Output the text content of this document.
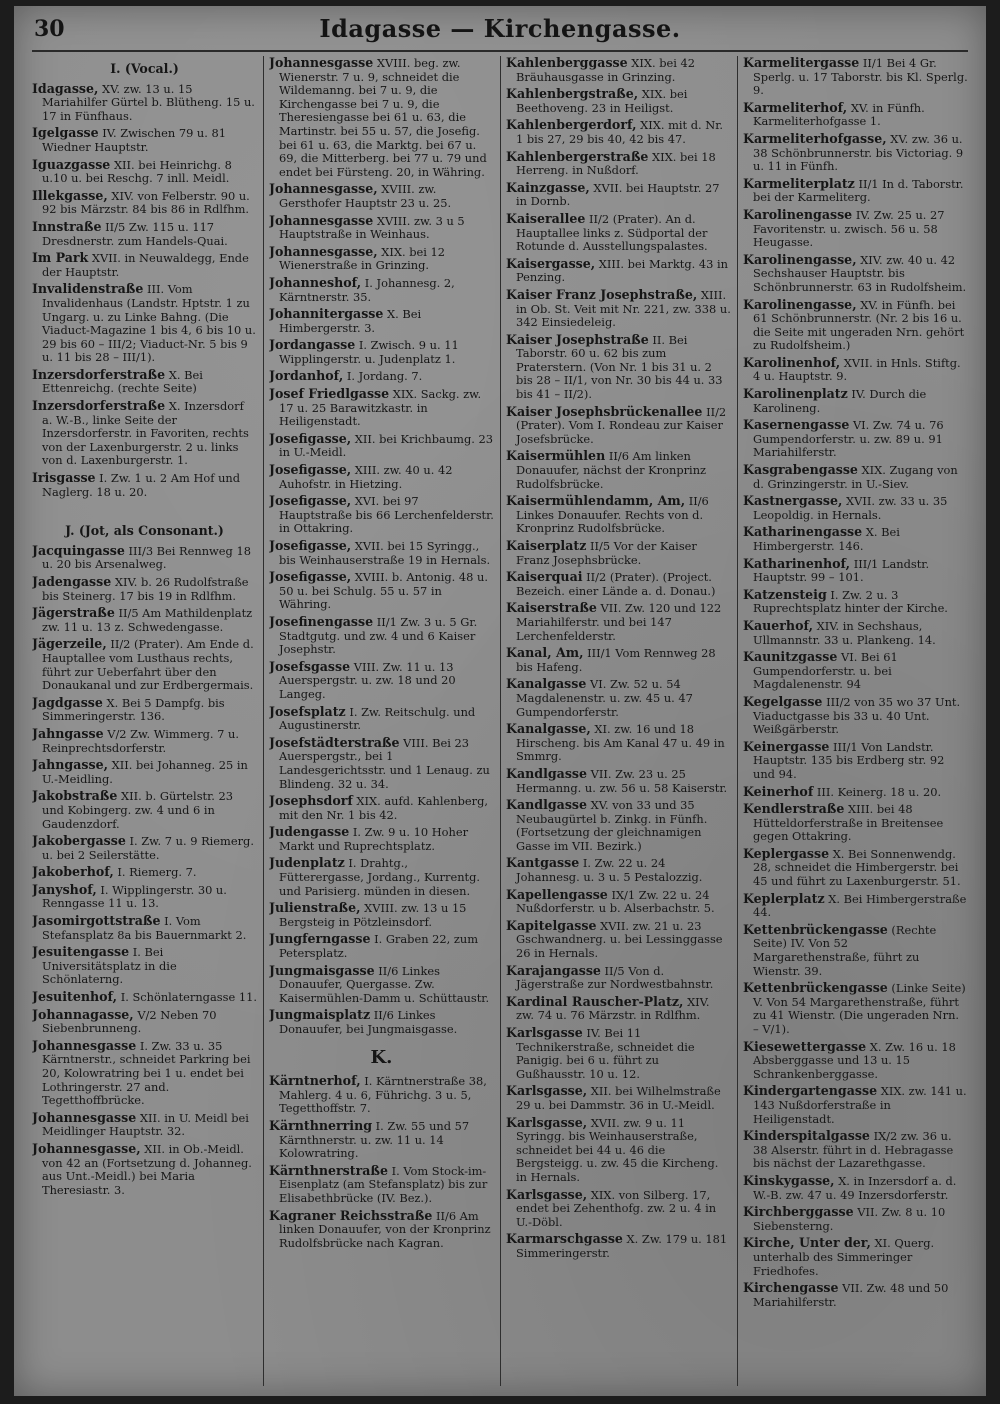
30	Idagasse — Kirchengasse.
I. (Vocal.)
Idagasse, XV. zw. 13 u. 15 Mariahilfer Gürtel b. Blütheng. 15 u. 17 in Fünfhaus.
Igelgasse IV. Zwischen 79 u. 81 Wiedner Hauptstr.
Iguazgasse XII. bei Heinrichg. 8 u.10 u. bei Reschg. 7 inll. Meidl.
Illekgasse, XIV. von Felberstr. 90 u. 92 bis Märzstr. 84 bis 86 in Rdlfhm.
Innstraße II/5 Zw. 115 u. 117 Dresdnerstr. zum Handels-Quai.
Im Park XVII. in Neuwaldegg, Ende der Hauptstr.
Invalidenstraße III. Vom Invalidenhaus (Landstr. Hptstr. 1 zu Ungarg. u. zu Linke Bahng. (Die Viaduct-Magazine 1 bis 4, 6 bis 10 u. 29 bis 60 – III/2; Viaduct-Nr. 5 bis 9 u. 11 bis 28 – III/1).
Inzersdorferstraße X. Bei Ettenreichg. (rechte Seite)
Inzersdorferstraße X. Inzersdorf a. W.-B., linke Seite der Inzersdorferstr. in Favoriten, rechts von der Laxenburgerstr. 2 u. links von d. Laxenburgerstr. 1.
Irisgasse I. Zw. 1 u. 2 Am Hof und Naglerg. 18 u. 20.
J. (Jot, als Consonant.)
Jacquingasse III/3 Bei Rennweg 18 u. 20 bis Arsenalweg.
Jadengasse XIV. b. 26 Rudolfstraße bis Steinerg. 17 bis 19 in Rdlfhm.
Jägerstraße II/5 Am Mathildenplatz zw. 11 u. 13 z. Schwedengasse.
Jägerzeile, II/2 (Prater). Am Ende d. Hauptallee vom Lusthaus rechts, führt zur Ueberfahrt über den Donaukanal und zur Erdbergermais.
Jagdgasse X. Bei 5 Dampfg. bis Simmeringerstr. 136.
Jahngasse V/2 Zw. Wimmerg. 7 u. Reinprechtsdorferstr.
Jahngasse, XII. bei Johanneg. 25 in U.-Meidling.
Jakobstraße XII. b. Gürtelstr. 23 und Kobingerg. zw. 4 und 6 in Gaudenzdorf.
Jakobergasse I. Zw. 7 u. 9 Riemerg. u. bei 2 Seilerstätte.
Jakoberhof, I. Riemerg. 7.
Janyshof, I. Wipplingerstr. 30 u. Renngasse 11 u. 13.
Jasomirgottstraße I. Vom Stefansplatz 8a bis Bauernmarkt 2.
Jesuitengasse I. Bei Universitätsplatz in die Schönlaterng.
Jesuitenhof, I. Schönlaterngasse 11.
Johannagasse, V/2 Neben 70 Siebenbrunneng.
Johannesgasse I. Zw. 33 u. 35 Kärntnerstr., schneidet Parkring bei 20, Kolowratring bei 1 u. endet bei Lothringerstr. 27 and. Tegetthoffbrücke.
Johannesgasse XII. in U. Meidl bei Meidlinger Hauptstr. 32.
Johannesgasse, XII. in Ob.-Meidl. von 42 an (Fortsetzung d. Johanneg. aus Unt.-Meidl.) bei Maria Theresiastr. 3.
Johannesgasse XVIII. beg. zw. Wienerstr. 7 u. 9, schneidet die Wildemanng. bei 7 u. 9, die Kirchengasse bei 7 u. 9, die Theresiengasse bei 61 u. 63, die Martinstr. bei 55 u. 57, die Josefig. bei 61 u. 63, die Marktg. bei 67 u. 69, die Mitterberg. bei 77 u. 79 und endet bei Fürsteng. 20, in Währing.
Johannesgasse, XVIII. zw. Gersthofer Hauptstr 23 u. 25.
Johannesgasse XVIII. zw. 3 u 5 Hauptstraße in Weinhaus.
Johannesgasse, XIX. bei 12 Wienerstraße in Grinzing.
Johanneshof, I. Johannesg. 2, Kärntnerstr. 35.
Johannitergasse X. Bei Himbergerstr. 3.
Jordangasse I. Zwisch. 9 u. 11 Wipplingerstr. u. Judenplatz 1.
Jordanhof, I. Jordang. 7.
Josef Friedlgasse XIX. Sackg. zw. 17 u. 25 Barawitzkastr. in Heiligenstadt.
Josefigasse, XII. bei Krichbaumg. 23 in U.-Meidl.
Josefigasse, XIII. zw. 40 u. 42 Auhofstr. in Hietzing.
Josefigasse, XVI. bei 97 Hauptstraße bis 66 Lerchenfelderstr. in Ottakring.
Josefigasse, XVII. bei 15 Syringg., bis Weinhauserstraße 19 in Hernals.
Josefigasse, XVIII. b. Antonig. 48 u. 50 u. bei Schulg. 55 u. 57 in Währing.
Josefinengasse II/1 Zw. 3 u. 5 Gr. Stadtgutg. und zw. 4 und 6 Kaiser Josephstr.
Josefsgasse VIII. Zw. 11 u. 13 Auerspergstr. u. zw. 18 und 20 Langeg.
Josefsplatz I. Zw. Reitschulg. und Augustinerstr.
Josefstädterstraße VIII. Bei 23 Auerspergstr., bei 1 Landesgerichtsstr. und 1 Lenaug. zu Blindeng. 32 u. 34.
Josephsdorf XIX. aufd. Kahlenberg, mit den Nr. 1 bis 42.
Judengasse I. Zw. 9 u. 10 Hoher Markt und Ruprechtsplatz.
Judenplatz I. Drahtg., Fütterergasse, Jordang., Kurrentg. und Parisierg. münden in diesen.
Julienstraße, XVIII. zw. 13 u 15 Bergsteig in Pötzleinsdorf.
Jungferngasse I. Graben 22, zum Petersplatz.
Jungmaisgasse II/6 Linkes Donauufer, Quergasse. Zw. Kaisermühlen-Damm u. Schüttaustr.
Jungmaisplatz II/6 Linkes Donauufer, bei Jungmaisgasse.
K.
Kärntnerhof, I. Kärntnerstraße 38, Mahlerg. 4 u. 6, Führichg. 3 u. 5, Tegetthoffstr. 7.
Kärnthnerring I. Zw. 55 und 57 Kärnthnerstr. u. zw. 11 u. 14 Kolowratring.
Kärnthnerstraße I. Vom Stock-im-Eisenplatz (am Stefansplatz) bis zur Elisabethbrücke (IV. Bez.).
Kagraner Reichsstraße II/6 Am linken Donauufer, von der Kronprinz Rudolfsbrücke nach Kagran.
Kahlenberggasse XIX. bei 42 Bräuhausgasse in Grinzing.
Kahlenbergstraße, XIX. bei Beethoveng. 23 in Heiligst.
Kahlenbergerdorf, XIX. mit d. Nr. 1 bis 27, 29 bis 40, 42 bis 47.
Kahlenbergerstraße XIX. bei 18 Herreng. in Nußdorf.
Kainzgasse, XVII. bei Hauptstr. 27 in Dornb.
Kaiserallee II/2 (Prater). An d. Hauptallee links z. Südportal der Rotunde d. Ausstellungspalastes.
Kaisergasse, XIII. bei Marktg. 43 in Penzing.
Kaiser Franz Josephstraße, XIII. in Ob. St. Veit mit Nr. 221, zw. 338 u. 342 Einsiedeleig.
Kaiser Josephstraße II. Bei Taborstr. 60 u. 62 bis zum Praterstern. (Von Nr. 1 bis 31 u. 2 bis 28 – II/1, von Nr. 30 bis 44 u. 33 bis 41 – II/2).
Kaiser Josephsbrückenallee II/2 (Prater). Vom I. Rondeau zur Kaiser Josefsbrücke.
Kaisermühlen II/6 Am linken Donauufer, nächst der Kronprinz Rudolfsbrücke.
Kaisermühlendamm, Am, II/6 Linkes Donauufer. Rechts von d. Kronprinz Rudolfsbrücke.
Kaiserplatz II/5 Vor der Kaiser Franz Josephsbrücke.
Kaiserquai II/2 (Prater). (Project. Bezeich. einer Lände a. d. Donau.)
Kaiserstraße VII. Zw. 120 und 122 Mariahilferstr. und bei 147 Lerchenfelderstr.
Kanal, Am, III/1 Vom Rennweg 28 bis Hafeng.
Kanalgasse VI. Zw. 52 u. 54 Magdalenenstr. u. zw. 45 u. 47 Gumpendorferstr.
Kanalgasse, XI. zw. 16 und 18 Hirscheng. bis Am Kanal 47 u. 49 in Smmrg.
Kandlgasse VII. Zw. 23 u. 25 Hermanng. u. zw. 56 u. 58 Kaiserstr.
Kandlgasse XV. von 33 und 35 Neubaugürtel b. Zinkg. in Fünfh. (Fortsetzung der gleichnamigen Gasse im VII. Bezirk.)
Kantgasse I. Zw. 22 u. 24 Johannesg. u. 3 u. 5 Pestalozzig.
Kapellengasse IX/1 Zw. 22 u. 24 Nußdorferstr. u b. Alserbachstr. 5.
Kapitelgasse XVII. zw. 21 u. 23 Gschwandnerg. u. bei Lessinggasse 26 in Hernals.
Karajangasse II/5 Von d. Jägerstraße zur Nordwestbahnstr.
Kardinal Rauscher-Platz, XIV. zw. 74 u. 76 Märzstr. in Rdlfhm.
Karlsgasse IV. Bei 11 Technikerstraße, schneidet die Panigig. bei 6 u. führt zu Gußhausstr. 10 u. 12.
Karlsgasse, XII. bei Wilhelmstraße 29 u. bei Dammstr. 36 in U.-Meidl.
Karlsgasse, XVII. zw. 9 u. 11 Syringg. bis Weinhauserstraße, schneidet bei 44 u. 46 die Bergsteigg. u. zw. 45 die Kircheng. in Hernals.
Karlsgasse, XIX. von Silberg. 17, endet bei Zehenthofg. zw. 2 u. 4 in U.-Döbl.
Karmarschgasse X. Zw. 179 u. 181 Simmeringerstr.
Karmelitergasse II/1 Bei 4 Gr. Sperlg. u. 17 Taborstr. bis Kl. Sperlg. 9.
Karmeliterhof, XV. in Fünfh. Karmeliterhofgasse 1.
Karmeliterhofgasse, XV. zw. 36 u. 38 Schönbrunnerstr. bis Victoriag. 9 u. 11 in Fünfh.
Karmeliterplatz II/1 In d. Taborstr. bei der Karmeliterg.
Karolinengasse IV. Zw. 25 u. 27 Favoritenstr. u. zwisch. 56 u. 58 Heugasse.
Karolinengasse, XIV. zw. 40 u. 42 Sechshauser Hauptstr. bis Schönbrunnerstr. 63 in Rudolfsheim.
Karolinengasse, XV. in Fünfh. bei 61 Schönbrunnerstr. (Nr. 2 bis 16 u. die Seite mit ungeraden Nrn. gehört zu Rudolfsheim.)
Karolinenhof, XVII. in Hnls. Stiftg. 4 u. Hauptstr. 9.
Karolinenplatz IV. Durch die Karolineng.
Kasernengasse VI. Zw. 74 u. 76 Gumpendorferstr. u. zw. 89 u. 91 Mariahilferstr.
Kasgrabengasse XIX. Zugang von d. Grinzingerstr. in U.-Siev.
Kastnergasse, XVII. zw. 33 u. 35 Leopoldig. in Hernals.
Katharinengasse X. Bei Himbergerstr. 146.
Katharinenhof, III/1 Landstr. Hauptstr. 99 – 101.
Katzensteig I. Zw. 2 u. 3 Ruprechtsplatz hinter der Kirche.
Kauerhof, XIV. in Sechshaus, Ullmannstr. 33 u. Plankeng. 14.
Kaunitzgasse VI. Bei 61 Gumpendorferstr. u. bei Magdalenenstr. 94
Kegelgasse III/2 von 35 wo 37 Unt. Viaductgasse bis 33 u. 40 Unt. Weißgärberstr.
Keinergasse III/1 Von Landstr. Hauptstr. 135 bis Erdberg str. 92 und 94.
Keinerhof III. Keinerg. 18 u. 20.
Kendlerstraße XIII. bei 48 Hütteldorferstraße in Breitensee gegen Ottakring.
Keplergasse X. Bei Sonnenwendg. 28, schneidet die Himbergerstr. bei 45 und führt zu Laxenburgerstr. 51.
Keplerplatz X. Bei Himbergerstraße 44.
Kettenbrückengasse (Rechte Seite) IV. Von 52 Margarethenstraße, führt zu Wienstr. 39.
Kettenbrückengasse (Linke Seite) V. Von 54 Margarethenstraße, führt zu 41 Wienstr. (Die ungeraden Nrn. – V/1).
Kiesewettergasse X. Zw. 16 u. 18 Absberggasse und 13 u. 15 Schrankenberggasse.
Kindergartengasse XIX. zw. 141 u. 143 Nußdorferstraße in Heiligenstadt.
Kinderspitalgasse IX/2 zw. 36 u. 38 Alserstr. führt in d. Hebragasse bis nächst der Lazarethgasse.
Kinskygasse, X. in Inzersdorf a. d. W.-B. zw. 47 u. 49 Inzersdorferstr.
Kirchberggasse VII. Zw. 8 u. 10 Siebensterng.
Kirche, Unter der, XI. Querg. unterhalb des Simmeringer Friedhofes.
Kirchengasse VII. Zw. 48 und 50 Mariahilferstr.
